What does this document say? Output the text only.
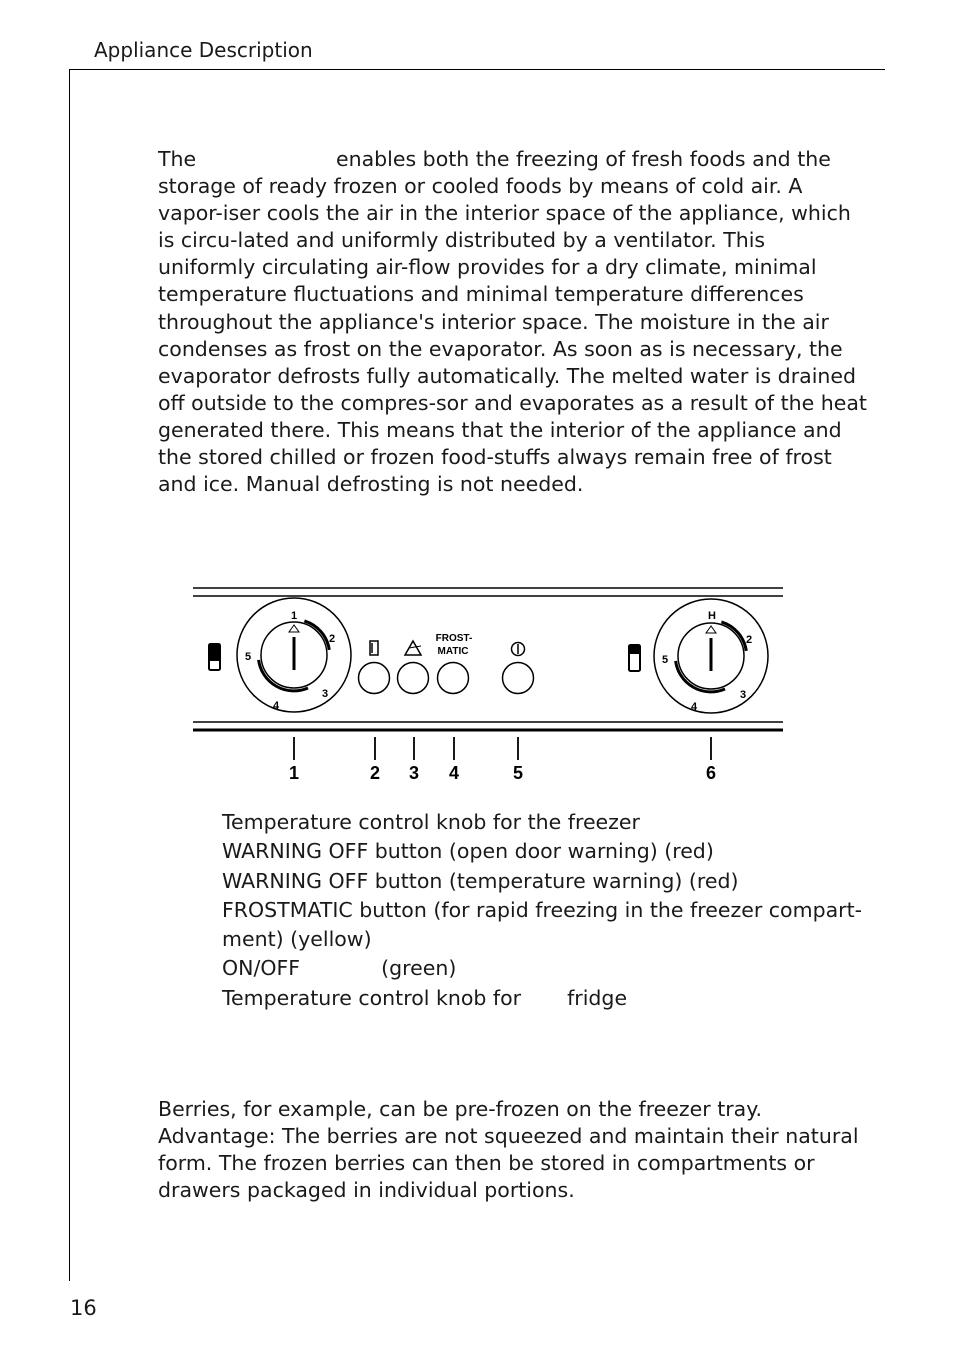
Appliance Description

The	enables both the freezing of fresh foods and the storage of ready frozen or cooled foods by means of cold air. A vapor-iser cools the air in the interior space of the appliance, which is circu-lated and uniformly distributed by a ventilator. This uniformly circulating air-flow provides for a dry climate, minimal temperature fluctuations and minimal temperature differences throughout the appliance's interior space. The moisture in the air condenses as frost on the evaporator. As soon as is necessary, the evaporator defrosts fully automatically. The melted water is drained off outside to the compres-sor and evaporates as a result of the heat generated there. This means that the interior of the appliance and the stored chilled or frozen food-stuffs always remain free of frost and ice. Manual defrosting is not needed.

1
2
3
4
5
FROST-
MATIC
H
2
3
4
5
1	2 3 4	5	6
Temperature control knob for the freezer
WARNING OFF button (open door warning) (red)
WARNING OFF button (temperature warning) (red)
FROSTMATIC button (for rapid freezing in the freezer compart-ment) (yellow)
ON/OFF	(green)
Temperature control knob for fridge

Berries, for example, can be pre-frozen on the freezer tray. Advantage: The berries are not squeezed and maintain their natural form. The frozen berries can then be stored in compartments or drawers packaged in individual portions.

16
